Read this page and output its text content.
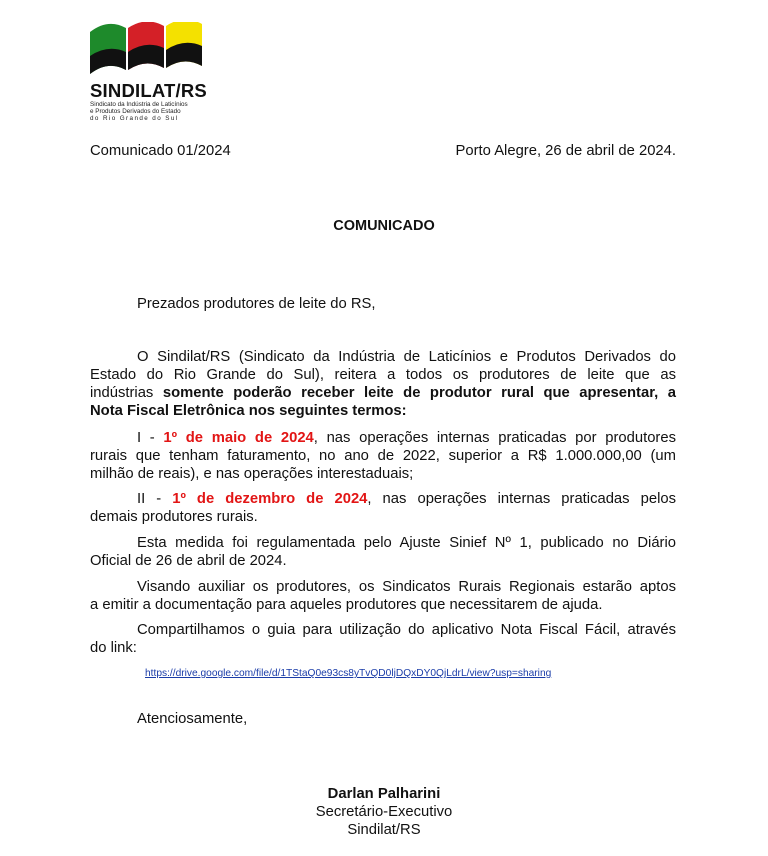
SINDILAT/RS
Sindicato da Indústria de Laticínios
e Produtos Derivados do Estado
do Rio Grande do Sul
Comunicado 01/2024	Porto Alegre, 26 de abril de 2024.
COMUNICADO
Prezados produtores de leite do RS,
O Sindilat/RS (Sindicato da Indústria de Laticínios e Produtos Derivados do
Estado do Rio Grande do Sul), reitera a todos os produtores de leite que as
indústrias somente poderão receber leite de produtor rural que apresentar, a
Nota Fiscal Eletrônica nos seguintes termos:
I - 1º de maio de 2024, nas operações internas praticadas por produtores
rurais que tenham faturamento, no ano de 2022, superior a R$ 1.000.000,00 (um
milhão de reais), e nas operações interestaduais;
II - 1º de dezembro de 2024, nas operações internas praticadas pelos
demais produtores rurais.
Esta medida foi regulamentada pelo Ajuste Sinief Nº 1, publicado no Diário
Oficial de 26 de abril de 2024.
Visando auxiliar os produtores, os Sindicatos Rurais Regionais estarão aptos
a emitir a documentação para aqueles produtores que necessitarem de ajuda.
Compartilhamos o guia para utilização do aplicativo Nota Fiscal Fácil, através
do link:
https://drive.google.com/file/d/1TStaQ0e93cs8yTvQD0ljDQxDY0QjLdrL/view?usp=sharing
Atenciosamente,
Darlan Palharini
Secretário-Executivo
Sindilat/RS
